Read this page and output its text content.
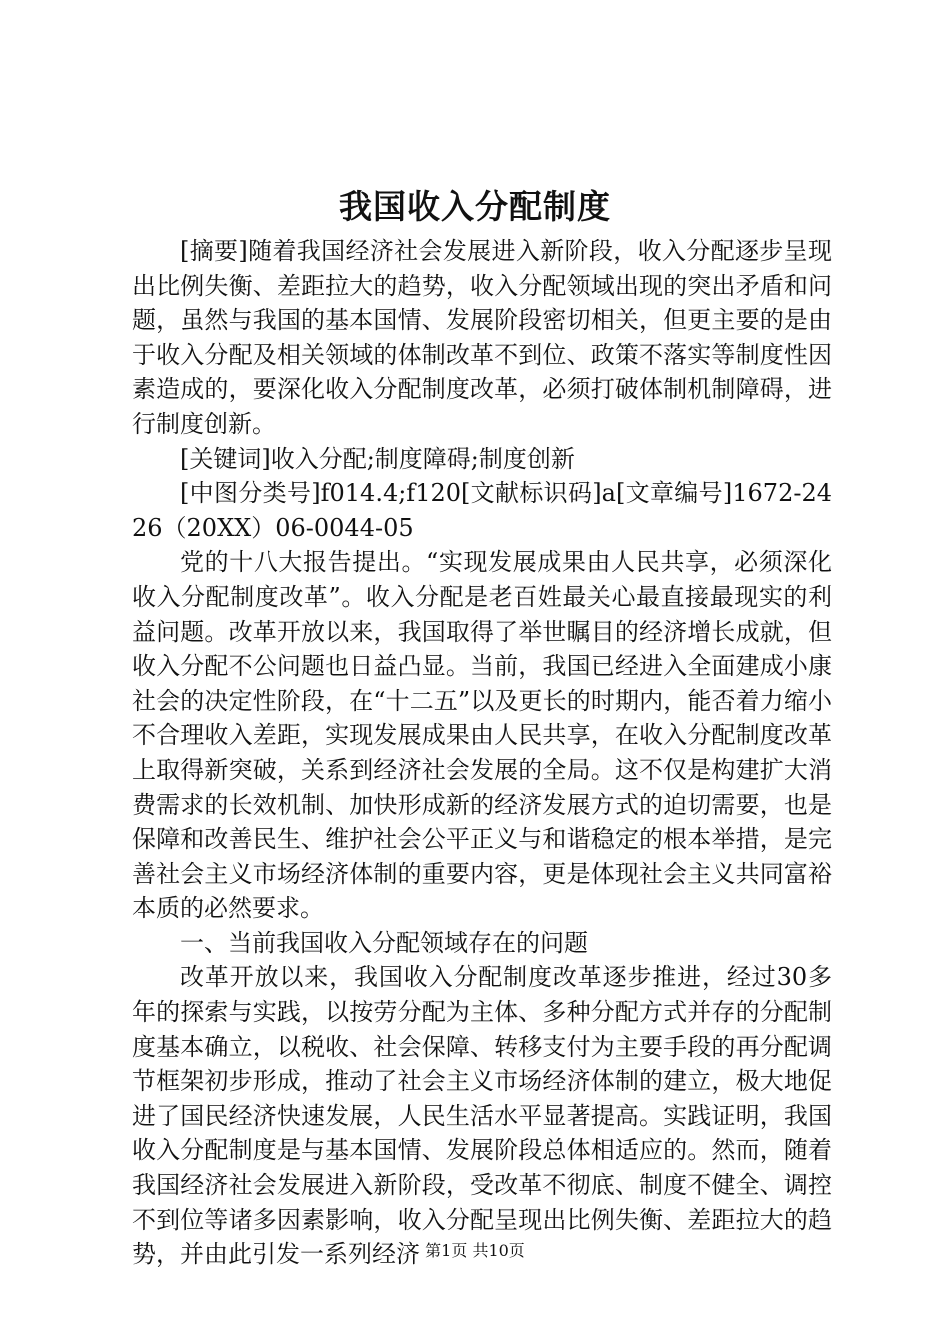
我国收入分配制度

[摘要]随着我国经济社会发展进入新阶段，收入分配逐步呈现出比例失衡、差距拉大的趋势，收入分配领域出现的突出矛盾和问题，虽然与我国的基本国情、发展阶段密切相关，但更主要的是由于收入分配及相关领域的体制改革不到位、政策不落实等制度性因素造成的，要深化收入分配制度改革，必须打破体制机制障碍，进行制度创新。

[关键词]收入分配;制度障碍;制度创新

[中图分类号]f014.4;f120[文献标识码]a[文章编号]1672-2426（20XX）06-0044-05

党的十八大报告提出。“实现发展成果由人民共享，必须深化收入分配制度改革”。收入分配是老百姓最关心最直接最现实的利益问题。改革开放以来，我国取得了举世瞩目的经济增长成就，但收入分配不公问题也日益凸显。当前，我国已经进入全面建成小康社会的决定性阶段，在“十二五”以及更长的时期内，能否着力缩小不合理收入差距，实现发展成果由人民共享，在收入分配制度改革上取得新突破，关系到经济社会发展的全局。这不仅是构建扩大消费需求的长效机制、加快形成新的经济发展方式的迫切需要，也是保障和改善民生、维护社会公平正义与和谐稳定的根本举措，是完善社会主义市场经济体制的重要内容，更是体现社会主义共同富裕本质的必然要求。

一、当前我国收入分配领域存在的问题

改革开放以来，我国收入分配制度改革逐步推进，经过30多年的探索与实践，以按劳分配为主体、多种分配方式并存的分配制度基本确立，以税收、社会保障、转移支付为主要手段的再分配调节框架初步形成，推动了社会主义市场经济体制的建立，极大地促进了国民经济快速发展，人民生活水平显著提高。实践证明，我国收入分配制度是与基本国情、发展阶段总体相适应的。然而，随着我国经济社会发展进入新阶段，受改革不彻底、制度不健全、调控不到位等诸多因素影响，收入分配呈现出比例失衡、差距拉大的趋势，并由此引发一系列经济 第1页 共10页
